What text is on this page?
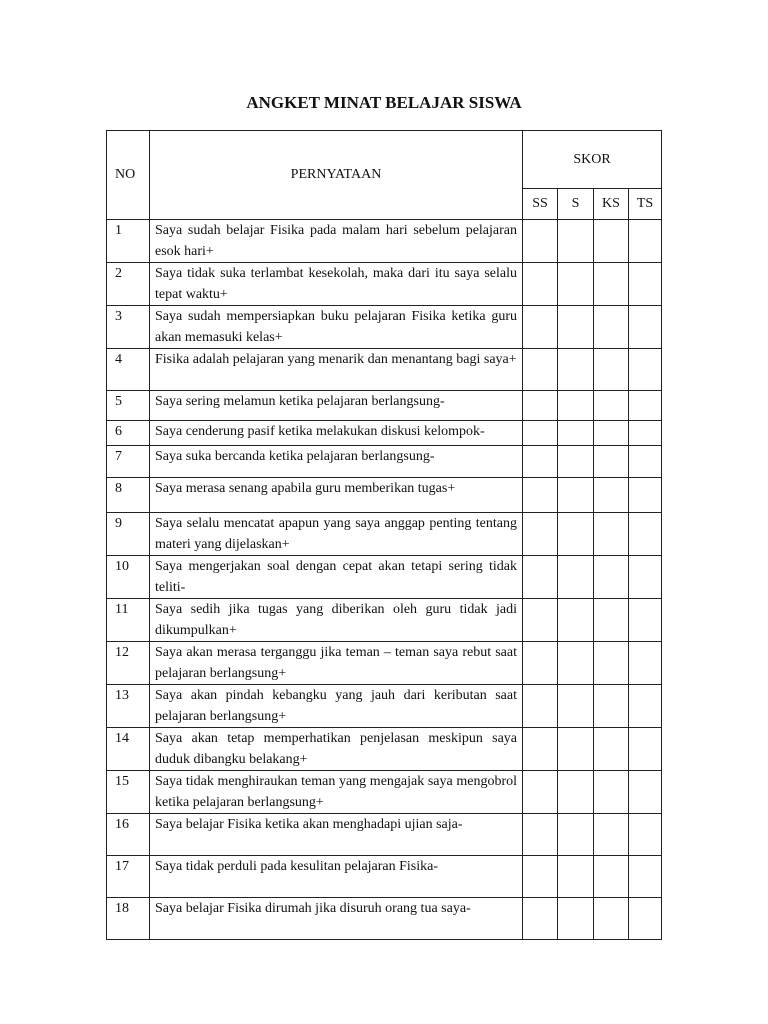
ANGKET MINAT BELAJAR SISWA
NO	PERNYATAAN	SKOR			
		SS	S	KS	TS
1	Saya sudah belajar Fisika pada malam hari sebelum pelajaran esok hari+				
2	Saya tidak suka terlambat kesekolah, maka dari itu saya selalu tepat waktu+				
3	Saya sudah mempersiapkan buku pelajaran Fisika ketika guru akan memasuki kelas+				
4	Fisika adalah pelajaran yang menarik dan menantang bagi saya+				
5	Saya sering melamun ketika pelajaran berlangsung-				
6	Saya cenderung pasif ketika melakukan diskusi kelompok-				
7	Saya suka bercanda ketika pelajaran berlangsung-				
8	Saya merasa senang apabila guru memberikan tugas+				
9	Saya selalu mencatat apapun yang saya anggap penting tentang materi yang dijelaskan+				
10	Saya mengerjakan soal dengan cepat akan tetapi sering tidak teliti-				
11	Saya sedih jika tugas yang diberikan oleh guru tidak jadi dikumpulkan+				
12	Saya akan merasa terganggu jika teman – teman saya rebut saat pelajaran berlangsung+				
13	Saya akan pindah kebangku yang jauh dari keributan saat pelajaran berlangsung+				
14	Saya akan tetap memperhatikan penjelasan meskipun saya duduk dibangku belakang+				
15	Saya tidak menghiraukan teman yang mengajak saya mengobrol ketika pelajaran berlangsung+				
16	Saya belajar Fisika ketika akan menghadapi ujian saja-				
17	Saya tidak perduli pada kesulitan pelajaran Fisika-				
18	Saya belajar Fisika dirumah jika disuruh orang tua saya-				
